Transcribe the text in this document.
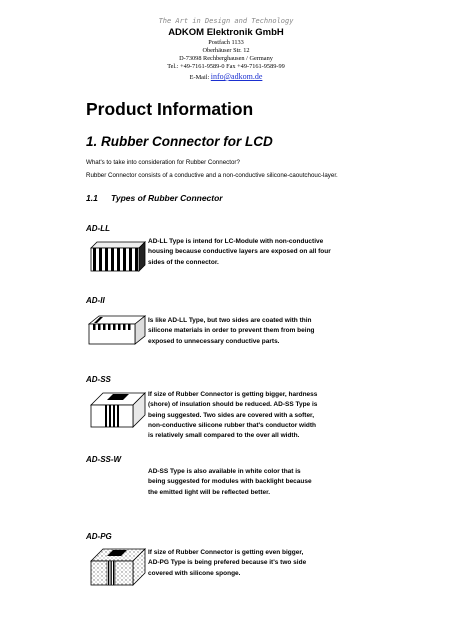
The Art in Design and Technology
ADKOM Elektronik GmbH
Postfach 1133
Oberhäuser Str. 12
D-73098 Rechberghausen / Germany
Tel.: +49-7161-9589-0 Fax +49-7161-9589-99
E-Mail: info@adkom.de
Product Information
1. Rubber Connector for LCD
What's to take into consideration for Rubber Connector?
Rubber Connector consists of a conductive and a non-conductive silicone-caoutchouc-layer.
1.1 Types of Rubber Connector
AD-LL
AD-LL Type is intend for LC-Module with non-conductive
housing because conductive layers are exposed on all four
sides of the connector.
AD-II
Is like AD-LL Type, but two sides are coated with thin
silicone materials in order to prevent them from being
exposed to unnecessary conductive parts.
AD-SS
If size of Rubber Connector is getting bigger, hardness
(shore) of insulation should be reduced. AD-SS Type is
being suggested. Two sides are covered with a softer,
non-conductive silicone rubber that's conductor width
is relatively small compared to the over all width.
AD-SS-W
AD-SS Type is also available in white color that is
being suggested for modules with backlight because
the emitted light will be reflected better.
AD-PG
If size of Rubber Connector is getting even bigger,
AD-PG Type is being prefered because it's two side
covered with silicone sponge.
